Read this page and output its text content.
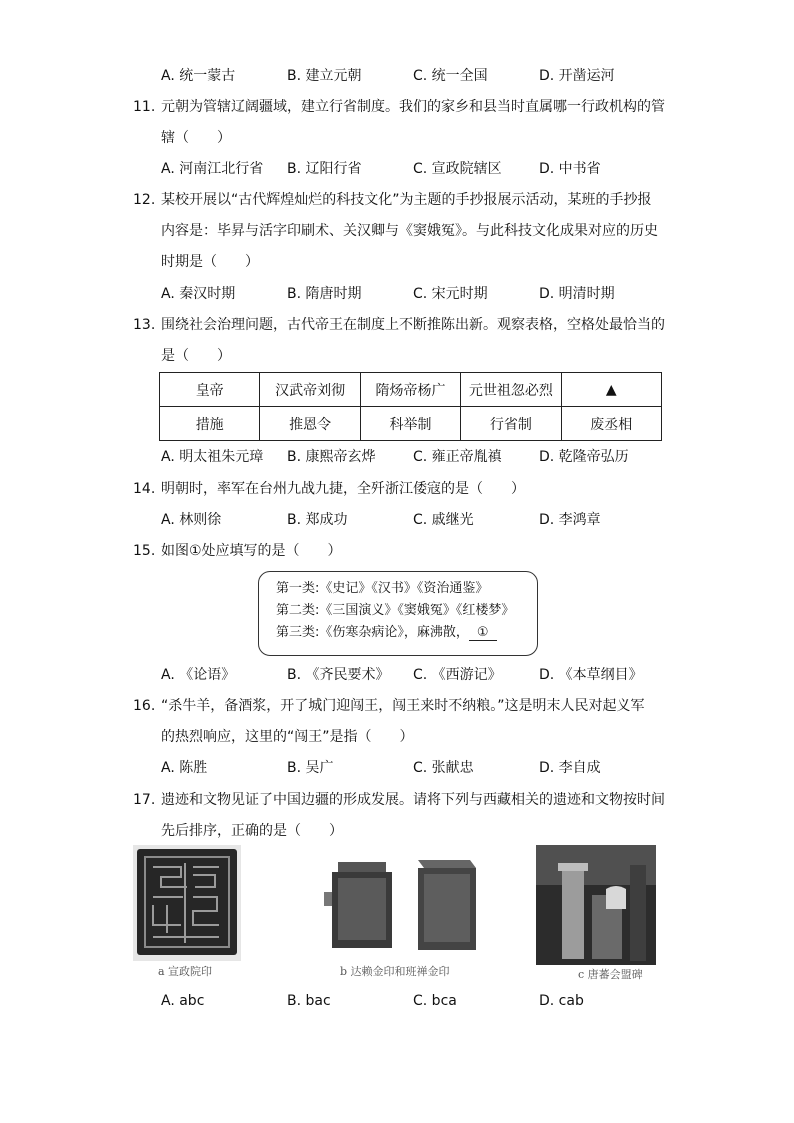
A. 统一蒙古	B. 建立元朝	C. 统一全国	D. 开凿运河
11. 元朝为管辖辽阔疆域，建立行省制度。我们的家乡和县当时直属哪一行政机构的管
辖（　　）
A. 河南江北行省 B. 辽阳行省	C. 宣政院辖区	D. 中书省
12. 某校开展以“古代辉煌灿烂的科技文化”为主题的手抄报展示活动，某班的手抄报
内容是：毕昇与活字印刷术、关汉卿与《窦娥冤》。与此科技文化成果对应的历史
时期是（　　）
A. 秦汉时期	B. 隋唐时期	C. 宋元时期	D. 明清时期
13. 围绕社会治理问题，古代帝王在制度上不断推陈出新。观察表格，空格处最恰当的
是（　　）
皇帝	汉武帝刘彻	隋炀帝杨广	元世祖忽必烈	▲
措施	推恩令	科举制	行省制	废丞相
A. 明太祖朱元璋 B. 康熙帝玄烨	C. 雍正帝胤禛	D. 乾隆帝弘历
14. 明朝时，率军在台州九战九捷，全歼浙江倭寇的是（　　）
A. 林则徐	B. 郑成功	C. 戚继光	D. 李鸿章
15. 如图①处应填写的是（　　）
第一类:《史记》《汉书》《资治通鉴》
第二类:《三国演义》《窦娥冤》《红楼梦》
第三类:《伤寒杂病论》，麻沸散， ①
A. 《论语》	B. 《齐民要术》 C. 《西游记》	D. 《本草纲目》
16. “杀牛羊，备酒浆，开了城门迎闯王，闯王来时不纳粮。”这是明末人民对起义军
的热烈响应，这里的“闯王”是指（　　）
A. 陈胜	B. 吴广	C. 张献忠	D. 李自成
17. 遗迹和文物见证了中国边疆的形成发展。请将下列与西藏相关的遗迹和文物按时间
先后排序，正确的是（　　）
a 宣政院印	b 达赖金印和班禅金印	c 唐蕃会盟碑
A. abc	B. bac	C. bca	D. cab
